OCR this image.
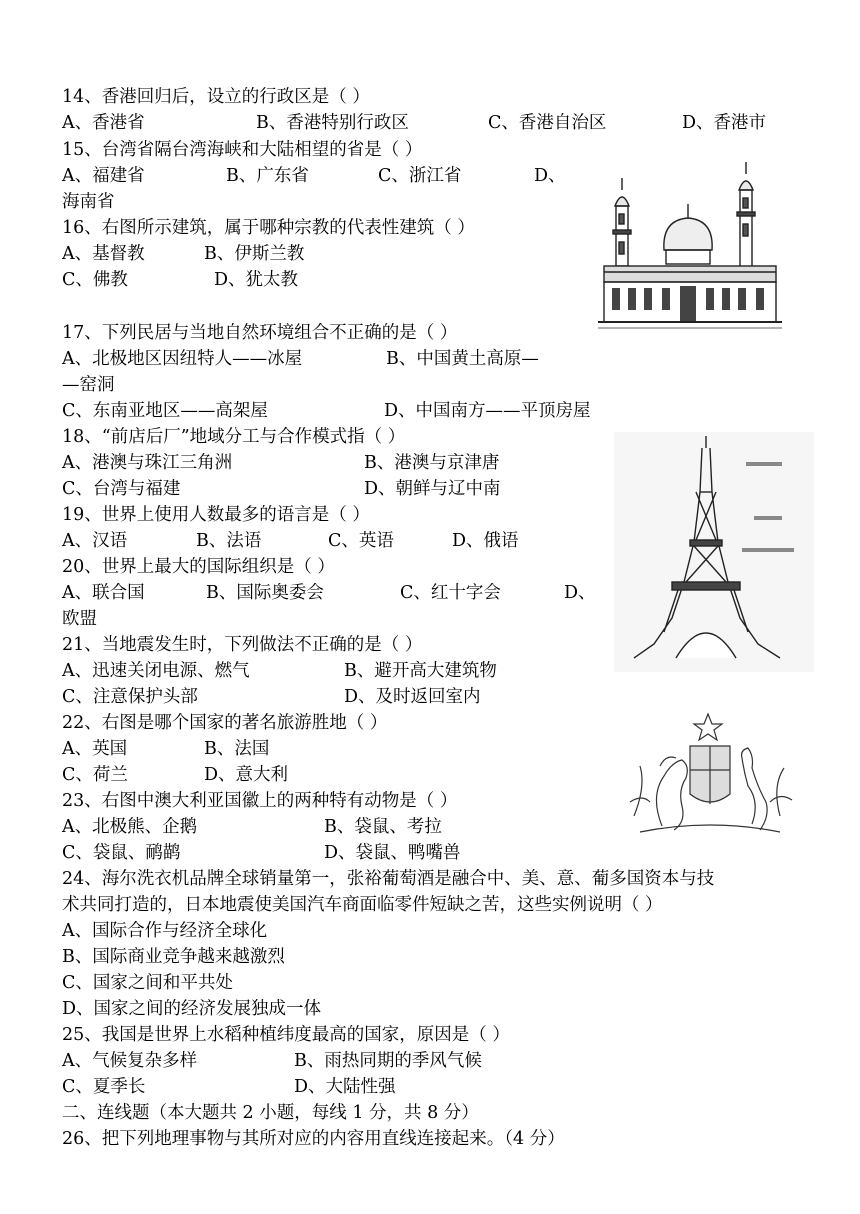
14、香港回归后，设立的行政区是（ ）
A、香港省	B、香港特别行政区	C、香港自治区	D、香港市
15、台湾省隔台湾海峡和大陆相望的省是（ ）
A、福建省	B、广东省	C、浙江省	D、
海南省
16、右图所示建筑，属于哪种宗教的代表性建筑（ ）
A、基督教	B、伊斯兰教
C、佛教	D、犹太教
17、下列民居与当地自然环境组合不正确的是（ ）
A、北极地区因纽特人——冰屋	B、中国黄土高原—
—窑洞
C、东南亚地区——高架屋	D、中国南方——平顶房屋
18、“前店后厂”地域分工与合作模式指（ ）
A、港澳与珠江三角洲	B、港澳与京津唐
C、台湾与福建	D、朝鲜与辽中南
19、世界上使用人数最多的语言是（ ）
A、汉语	B、法语	C、英语	D、俄语
20、世界上最大的国际组织是（ ）
A、联合国	B、国际奥委会	C、红十字会	D、
欧盟
21、当地震发生时，下列做法不正确的是（ ）
A、迅速关闭电源、燃气	B、避开高大建筑物
C、注意保护头部	D、及时返回室内
22、右图是哪个国家的著名旅游胜地（ ）
A、英国	B、法国
C、荷兰	D、意大利
23、右图中澳大利亚国徽上的两种特有动物是（ ）
A、北极熊、企鹅	B、袋鼠、考拉
C、袋鼠、鸸鹋	D、袋鼠、鸭嘴兽
24、海尔洗衣机品牌全球销量第一，张裕葡萄酒是融合中、美、意、葡多国资本与技
术共同打造的，日本地震使美国汽车商面临零件短缺之苦，这些实例说明（ ）
A、国际合作与经济全球化
B、国际商业竞争越来越激烈
C、国家之间和平共处
D、国家之间的经济发展独成一体
25、我国是世界上水稻种植纬度最高的国家，原因是（ ）
A、气候复杂多样	B、雨热同期的季风气候
C、夏季长	D、大陆性强
二、连线题（本大题共 2 小题，每线 1 分，共 8 分）
26、把下列地理事物与其所对应的内容用直线连接起来。（4 分）
